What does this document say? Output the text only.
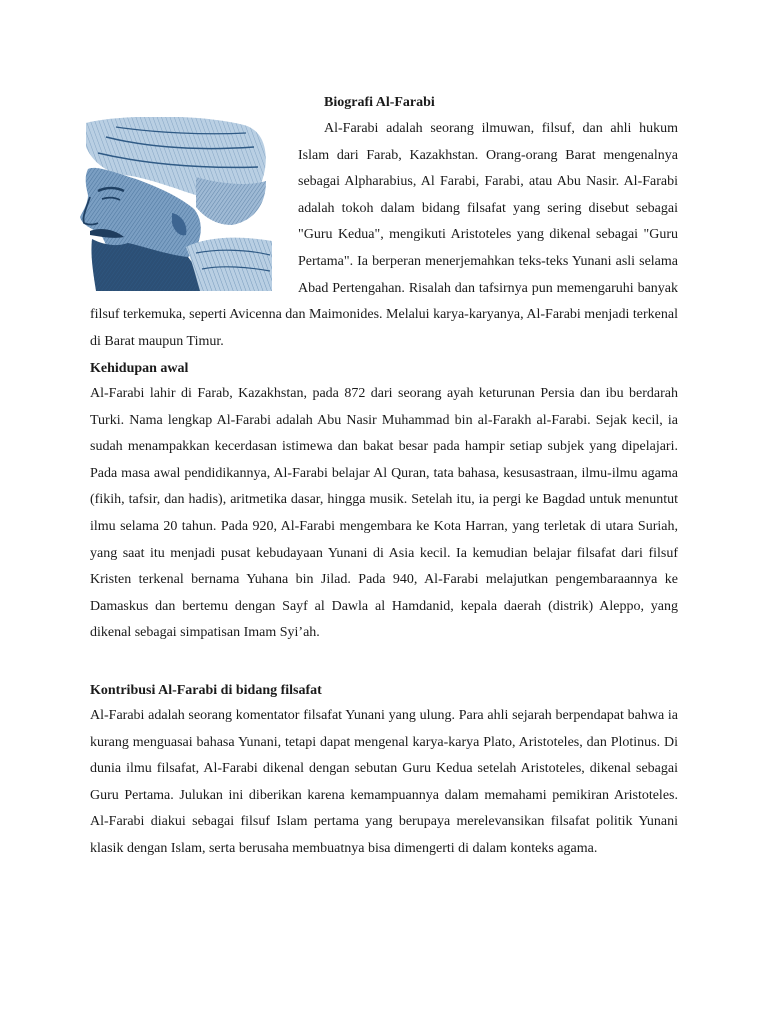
Biografi Al-Farabi

Al-Farabi adalah seorang ilmuwan, filsuf, dan ahli hukum Islam dari Farab, Kazakhstan. Orang-orang Barat mengenalnya sebagai Alpharabius, Al Farabi, Farabi, atau Abu Nasir. Al-Farabi adalah tokoh dalam bidang filsafat yang sering disebut sebagai "Guru Kedua", mengikuti Aristoteles yang dikenal sebagai "Guru Pertama". Ia berperan menerjemahkan teks-teks Yunani asli selama Abad Pertengahan. Risalah dan tafsirnya pun memengaruhi banyak filsuf terkemuka, seperti Avicenna dan Maimonides. Melalui karya-karyanya, Al-Farabi menjadi terkenal di Barat maupun Timur.

Kehidupan awal

Al-Farabi lahir di Farab, Kazakhstan, pada 872 dari seorang ayah keturunan Persia dan ibu berdarah Turki. Nama lengkap Al-Farabi adalah Abu Nasir Muhammad bin al-Farakh al-Farabi. Sejak kecil, ia sudah menampakkan kecerdasan istimewa dan bakat besar pada hampir setiap subjek yang dipelajari. Pada masa awal pendidikannya, Al-Farabi belajar Al Quran, tata bahasa, kesusastraan, ilmu-ilmu agama (fikih, tafsir, dan hadis), aritmetika dasar, hingga musik. Setelah itu, ia pergi ke Bagdad untuk menuntut ilmu selama 20 tahun. Pada 920, Al-Farabi mengembara ke Kota Harran, yang terletak di utara Suriah, yang saat itu menjadi pusat kebudayaan Yunani di Asia kecil. Ia kemudian belajar filsafat dari filsuf Kristen terkenal bernama Yuhana bin Jilad. Pada 940, Al-Farabi melajutkan pengembaraannya ke Damaskus dan bertemu dengan Sayf al Dawla al Hamdanid, kepala daerah (distrik) Aleppo, yang dikenal sebagai simpatisan Imam Syi’ah.

Kontribusi Al-Farabi di bidang filsafat

Al-Farabi adalah seorang komentator filsafat Yunani yang ulung. Para ahli sejarah berpendapat bahwa ia kurang menguasai bahasa Yunani, tetapi dapat mengenal karya-karya Plato, Aristoteles, dan Plotinus. Di dunia ilmu filsafat, Al-Farabi dikenal dengan sebutan Guru Kedua setelah Aristoteles, dikenal sebagai Guru Pertama. Julukan ini diberikan karena kemampuannya dalam memahami pemikiran Aristoteles. Al-Farabi diakui sebagai filsuf Islam pertama yang berupaya merelevansikan filsafat politik Yunani klasik dengan Islam, serta berusaha membuatnya bisa dimengerti di dalam konteks agama.
